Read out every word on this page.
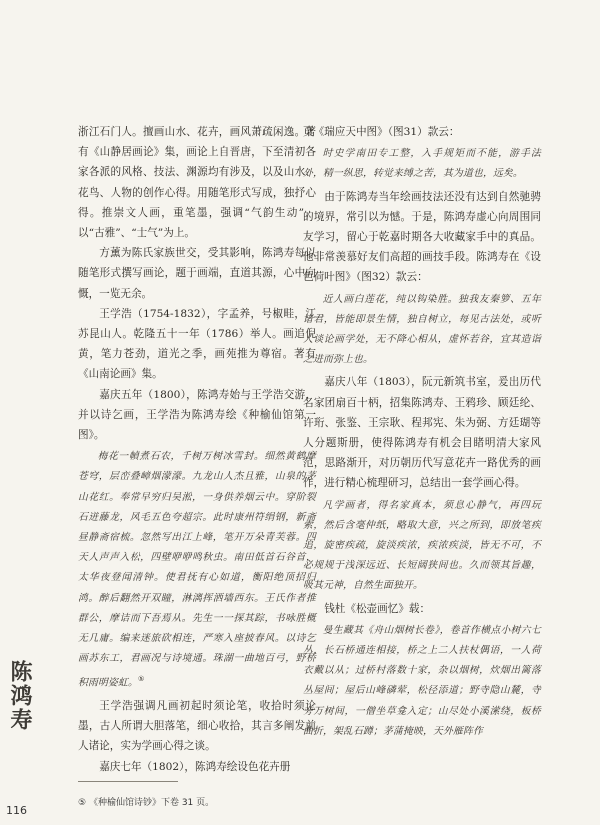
浙江石门人。擅画山水、花卉，画风萧疏闲逸。著有《山静居画论》集，画论上自晋唐，下至清初各家各派的风格、技法、渊源均有涉及，以及山水、花鸟、人物的创作心得。用随笔形式写成，独抒心得。推崇文人画，重笔墨，强调“气韵生动”，以“古雅”、“士气”为上。

方薰为陈氏家族世交，受其影响，陈鸿寿每以随笔形式撰写画论，题于画端，直道其源，心中向慨，一览无余。

王学浩（1754-1832），字孟养，号椒畦，江苏昆山人。乾隆五十一年（1786）举人。画追倪黄，笔力苍劲，道光之季，画苑推为尊宿。著有《山南论画》集。

嘉庆五年（1800），陈鸿寿始与王学浩交游，并以诗乞画，王学浩为陈鸿寿绘《种榆仙馆第一图》。

梅花一幀煮石农，千树万树冰雪封。细然黄鹤摩苍穹，层峦叠嶂烟濛濛。九龙山人杰且雅，山泉的茅山花红。奉常早穷归吴淞，一身供养烟云中。穿阶裂石迸藤龙，风毛五色夸超宗。此时康州符绢钢，新斋昼静斋宿梳。忽然写出江上峰，笔开万朵青芙蓉。四天人声声入松，四壁咿咿鸣秋虫。南田低首石谷首，太华夜登闻清钟。使君抚有心如道，衡阳绝顶招归鸿。醉后翻然开双瞳，淋漓挥洒墙西东。王氏作者推群公，摩诘而下吾焉从。先生一一探其踪，书咏胜概无几庸。编来迷旅砍相连，严寒入座披春风。以诗乞画苏东工，君画况与诗境通。珠湖一曲地百弓，野桥积雨明姿虹。⑤

王学浩强调凡画初起时须论笔，收拾时须论墨，古人所谓大胆落笔，细心收拾，其言多阐发前人诸论，实为学画心得之谈。

嘉庆七年（1802），陈鸿寿绘设色花卉册

页《瑞应天中图》（图31）款云：

时史学南田专工整，入手规矩而不能，游手法外，精一纵思，转觉来缚之苦，其为道也，远矣。

由于陈鸿寿当年绘画技法还没有达到自然驰骋的境界，常引以为憾。于是，陈鸿寿虚心向周围同友学习，留心于乾嘉时期各大收藏家手中的真品。他非常羡慕好友们高超的画技手段。陈鸿寿在《设色荷叶图》（图32）款云：

近人画白莲花，纯以钩染胜。独我友秦箩、五年诸君，皆能即景生情，独自树立，每见古法处，或听人谈论画学处，无不降心相从，虚怀若谷，宜其造诣之进而弥上也。

嘉庆八年（1803），阮元新筑书室，爰出历代名家团扇百十柄，招集陈鸿寿、王鸦珍、顾廷纶、许珩、张鉴、王宗耿、程邦宪、朱为弼、方廷瑚等人分题斯册，使得陈鸿寿有机会目睹明清大家风范，思路渐开，对历朝历代写意花卉一路优秀的画作，进行精心梳理研习，总结出一套学画心得。

凡学画者，得名家真本，须息心静气，再四玩索，然后含毫仲纸，略取大意，兴之所到，即放笔疾追，旋密疾疏，旋淡疾浓，疾浓疾淡，皆无不可，不必规规于浅深远近、长短阔狭间也。久而领其旨趣，吸其元神，自然生面独开。

钱杜《松壶画忆》载：

曼生藏其《舟山烟树长卷》，卷首作横点小树六七丛，长石桥通连相接，桥之上二人扶杖偶语，一人荷衣戴以从；过桥村落数十家，杂以烟树，炊烟出篱落丛屋间；屋后山峰磷荤，松径添道；野寺隐山麓，寺旁万树间，一僧坐草龛入定；山尽处小溪潆绕，板桥曲折，架乱石蹲；茅蒲掩映，天外雁阵作

⑤ 《种榆仙馆诗钞》下卷 31 页。
陈鸿寿
116
